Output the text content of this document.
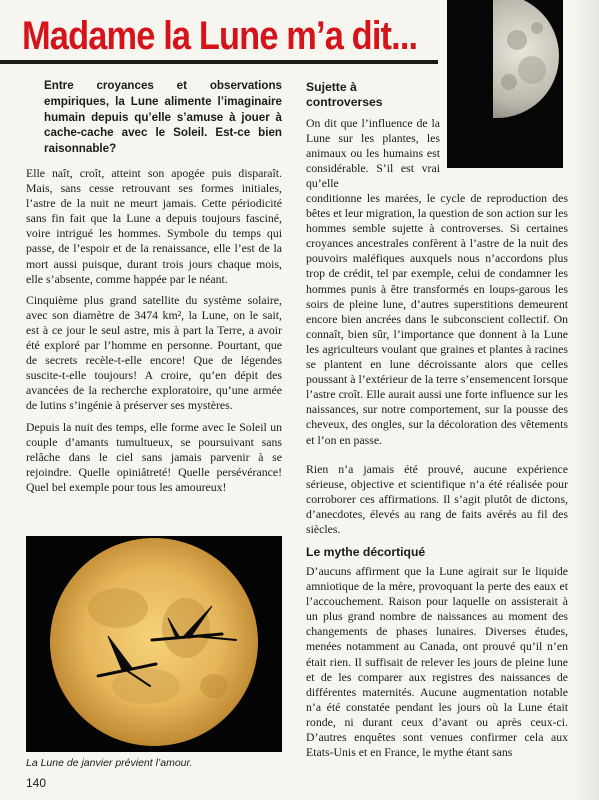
Madame la Lune m’a dit...
Entre croyances et observations empiriques, la Lune alimente l’imaginaire humain depuis qu’elle s’amuse à jouer à cache-cache avec le Soleil. Est-ce bien raisonnable?

Elle naît, croît, atteint son apogée puis disparaît. Mais, sans cesse retrouvant ses formes initiales, l’astre de la nuit ne meurt jamais. Cette périodicité sans fin fait que la Lune a depuis toujours fasciné, voire intrigué les hommes. Symbole du temps qui passe, de l’espoir et de la renaissance, elle l’est de la mort aussi puisque, durant trois jours chaque mois, elle s’absente, comme happée par le néant.

Cinquième plus grand satellite du système solaire, avec son diamètre de 3474 km², la Lune, on le sait, est à ce jour le seul astre, mis à part la Terre, a avoir été exploré par l’homme en personne. Pourtant, que de secrets recèle-t-elle encore! Que de légendes suscite-t-elle toujours! A croire, qu’en dépit des avancées de la recherche exploratoire, qu’une armée de lutins s’ingénie à préserver ses mystères.

Depuis la nuit des temps, elle forme avec le Soleil un couple d’amants tumultueux, se poursuivant sans relâche dans le ciel sans jamais parvenir à se rejoindre. Quelle opiniâtreté! Quelle persévérance! Quel bel exemple pour tous les amoureux!

Sujette à controverses
On dit que l’influence de la Lune sur les plantes, les animaux ou les humains est considérable. S’il est vrai qu’elle
conditionne les marées, le cycle de reproduction des bêtes et leur migration, la question de son action sur les hommes semble sujette à controverses. Si certaines croyances ancestrales confèrent à l’astre de la nuit des pouvoirs maléfiques auxquels nous n’accordons plus trop de crédit, tel par exemple, celui de condamner les hommes punis à être transformés en loups-garous les soirs de pleine lune, d’autres superstitions demeurent encore bien ancrées dans le subconscient collectif. On connaît, bien sûr, l’importance que donnent à la Lune les agriculteurs voulant que graines et plantes à racines se plantent en lune décroissante alors que celles poussant à l’extérieur de la terre s’ensemencent lorsque l’astre croît. Elle aurait aussi une forte influence sur les naissances, sur notre comportement, sur la pousse des cheveux, des ongles, sur la décoloration des vêtements et l’on en passe.
Rien n’a jamais été prouvé, aucune expérience sérieuse, objective et scientifique n’a été réalisée pour corroborer ces affirmations. Il s’agit plutôt de dictons, d’anecdotes, élevés au rang de faits avérés au fil des siècles.
Le mythe décortiqué
D’aucuns affirment que la Lune agirait sur le liquide amniotique de la mère, provoquant la perte des eaux et l’accouchement. Raison pour laquelle on assisterait à un plus grand nombre de naissances au moment des changements de phases lunaires. Diverses études, menées notamment au Canada, ont prouvé qu’il n’en était rien. Il suffisait de relever les jours de pleine lune et de les comparer aux registres des naissances de différentes maternités. Aucune augmentation notable n’a été constatée pendant les jours où la Lune était ronde, ni durant ceux d’avant ou après ceux-ci. D’autres enquêtes sont venues confirmer cela aux Etats-Unis et en France, le mythe étant sans
La Lune de janvier prévient l’amour.
140
